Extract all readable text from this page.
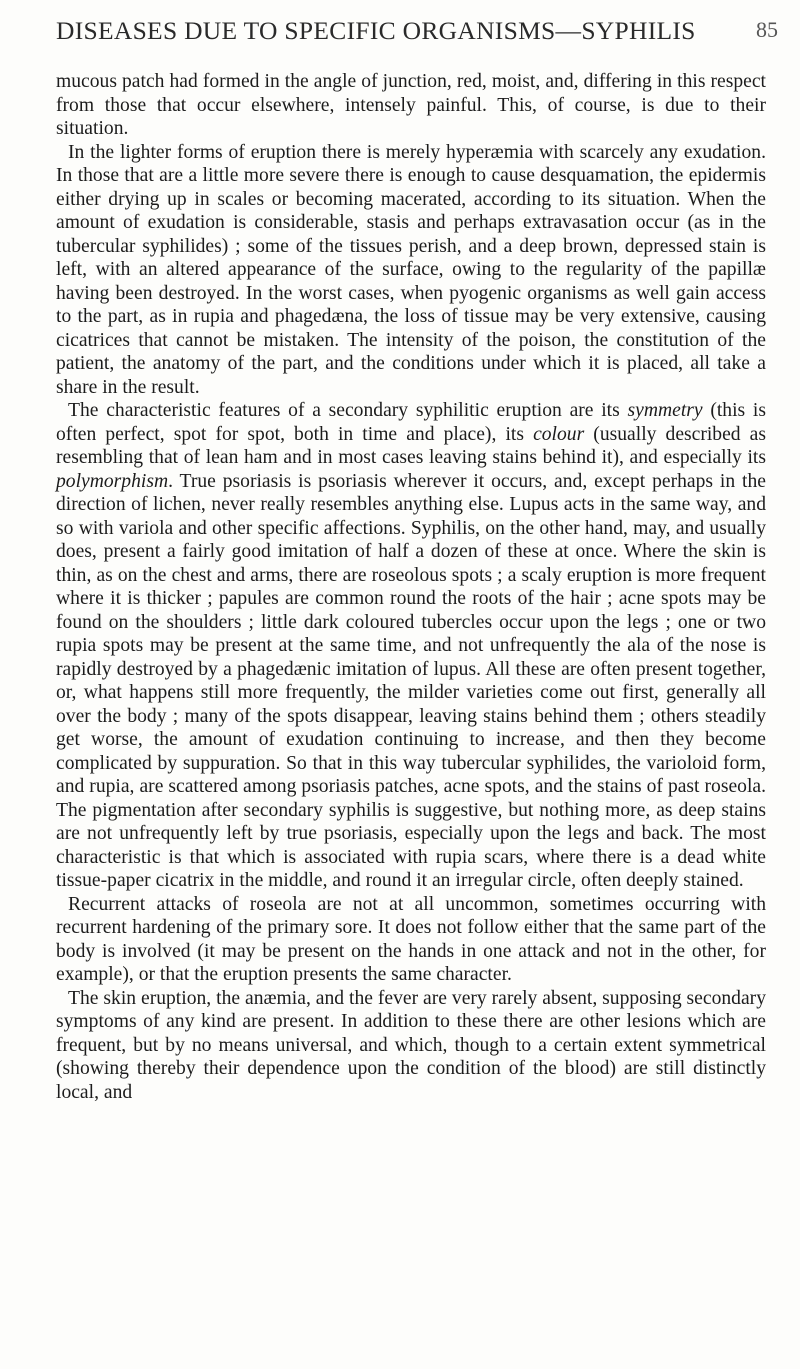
DISEASES DUE TO SPECIFIC ORGANISMS—SYPHILIS	85

mucous patch had formed in the angle of junction, red, moist, and, differing in this respect from those that occur elsewhere, intensely painful. This, of course, is due to their situation.

In the lighter forms of eruption there is merely hyperæmia with scarcely any exudation. In those that are a little more severe there is enough to cause desquamation, the epidermis either drying up in scales or becoming macerated, according to its situation. When the amount of exudation is considerable, stasis and perhaps extravasation occur (as in the tubercular syphilides) ; some of the tissues perish, and a deep brown, depressed stain is left, with an altered appearance of the surface, owing to the regularity of the papillæ having been destroyed. In the worst cases, when pyogenic organisms as well gain access to the part, as in rupia and phagedæna, the loss of tissue may be very extensive, causing cicatrices that cannot be mistaken. The intensity of the poison, the constitution of the patient, the anatomy of the part, and the conditions under which it is placed, all take a share in the result.

The characteristic features of a secondary syphilitic eruption are its symmetry (this is often perfect, spot for spot, both in time and place), its colour (usually described as resembling that of lean ham and in most cases leaving stains behind it), and especially its polymorphism. True psoriasis is psoriasis wherever it occurs, and, except perhaps in the direction of lichen, never really resembles anything else. Lupus acts in the same way, and so with variola and other specific affections. Syphilis, on the other hand, may, and usually does, present a fairly good imitation of half a dozen of these at once. Where the skin is thin, as on the chest and arms, there are roseolous spots ; a scaly eruption is more frequent where it is thicker ; papules are common round the roots of the hair ; acne spots may be found on the shoulders ; little dark coloured tubercles occur upon the legs ; one or two rupia spots may be present at the same time, and not unfrequently the ala of the nose is rapidly destroyed by a phagedænic imitation of lupus. All these are often present together, or, what happens still more frequently, the milder varieties come out first, generally all over the body ; many of the spots disappear, leaving stains behind them ; others steadily get worse, the amount of exudation continuing to increase, and then they become complicated by suppuration. So that in this way tubercular syphilides, the varioloid form, and rupia, are scattered among psoriasis patches, acne spots, and the stains of past roseola. The pigmentation after secondary syphilis is suggestive, but nothing more, as deep stains are not unfrequently left by true psoriasis, especially upon the legs and back. The most characteristic is that which is associated with rupia scars, where there is a dead white tissue-paper cicatrix in the middle, and round it an irregular circle, often deeply stained.

Recurrent attacks of roseola are not at all uncommon, sometimes occurring with recurrent hardening of the primary sore. It does not follow either that the same part of the body is involved (it may be present on the hands in one attack and not in the other, for example), or that the eruption presents the same character.

The skin eruption, the anæmia, and the fever are very rarely absent, supposing secondary symptoms of any kind are present. In addition to these there are other lesions which are frequent, but by no means universal, and which, though to a certain extent symmetrical (showing thereby their dependence upon the condition of the blood) are still distinctly local, and
